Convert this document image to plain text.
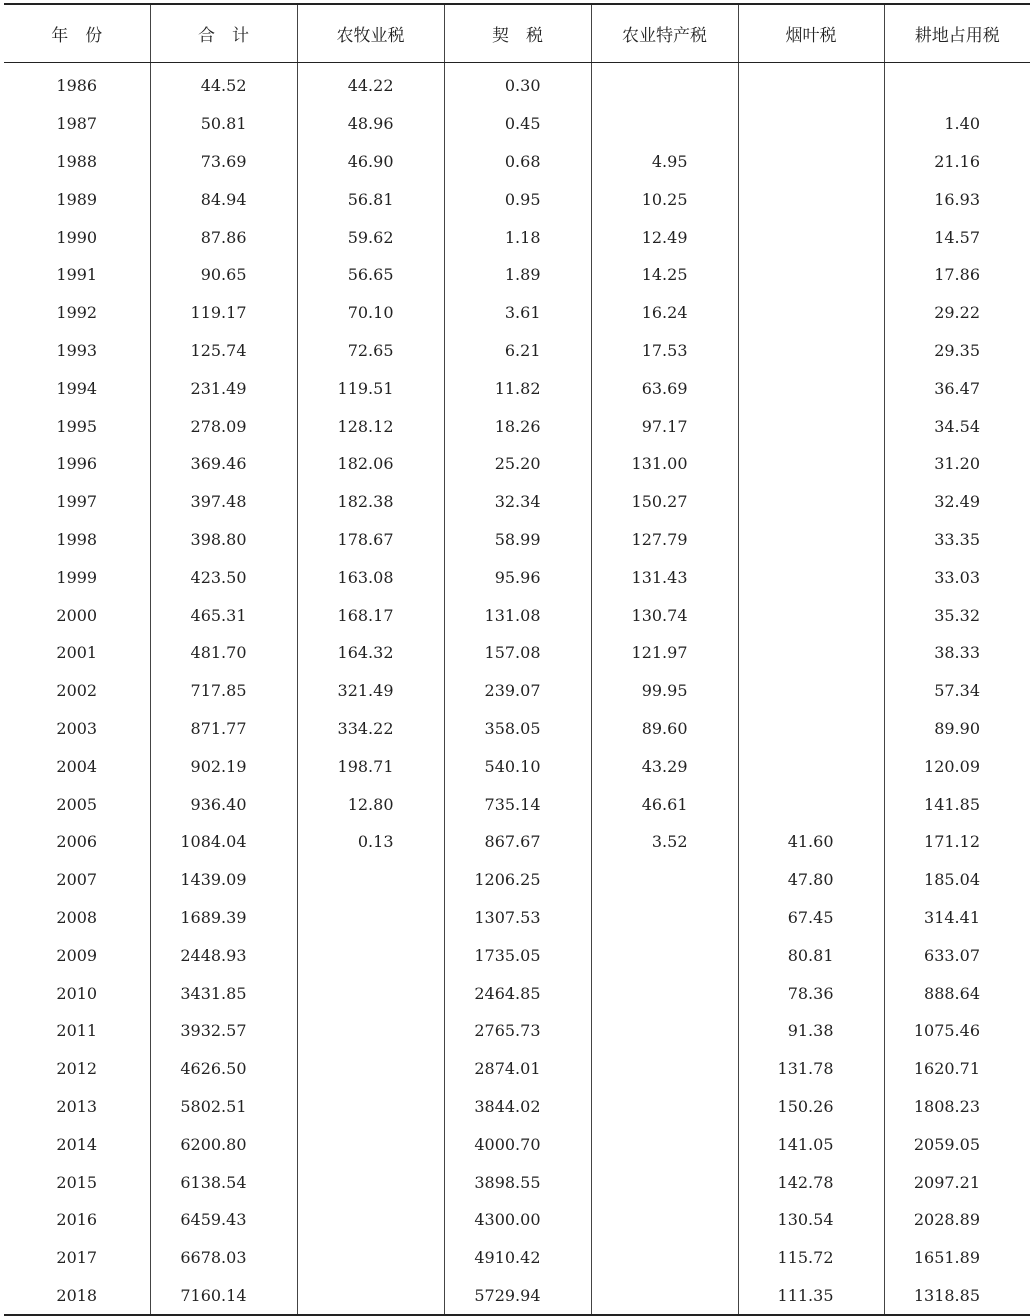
年　份	合　计	农牧业税	契　税	农业特产税	烟叶税	耕地占用税
1986	44.52	44.22	0.30			
1987	50.81	48.96	0.45			1.40
1988	73.69	46.90	0.68	4.95		21.16
1989	84.94	56.81	0.95	10.25		16.93
1990	87.86	59.62	1.18	12.49		14.57
1991	90.65	56.65	1.89	14.25		17.86
1992	119.17	70.10	3.61	16.24		29.22
1993	125.74	72.65	6.21	17.53		29.35
1994	231.49	119.51	11.82	63.69		36.47
1995	278.09	128.12	18.26	97.17		34.54
1996	369.46	182.06	25.20	131.00		31.20
1997	397.48	182.38	32.34	150.27		32.49
1998	398.80	178.67	58.99	127.79		33.35
1999	423.50	163.08	95.96	131.43		33.03
2000	465.31	168.17	131.08	130.74		35.32
2001	481.70	164.32	157.08	121.97		38.33
2002	717.85	321.49	239.07	99.95		57.34
2003	871.77	334.22	358.05	89.60		89.90
2004	902.19	198.71	540.10	43.29		120.09
2005	936.40	12.80	735.14	46.61		141.85
2006	1084.04	0.13	867.67	3.52	41.60	171.12
2007	1439.09		1206.25		47.80	185.04
2008	1689.39		1307.53		67.45	314.41
2009	2448.93		1735.05		80.81	633.07
2010	3431.85		2464.85		78.36	888.64
2011	3932.57		2765.73		91.38	1075.46
2012	4626.50		2874.01		131.78	1620.71
2013	5802.51		3844.02		150.26	1808.23
2014	6200.80		4000.70		141.05	2059.05
2015	6138.54		3898.55		142.78	2097.21
2016	6459.43		4300.00		130.54	2028.89
2017	6678.03		4910.42		115.72	1651.89
2018	7160.14		5729.94		111.35	1318.85
